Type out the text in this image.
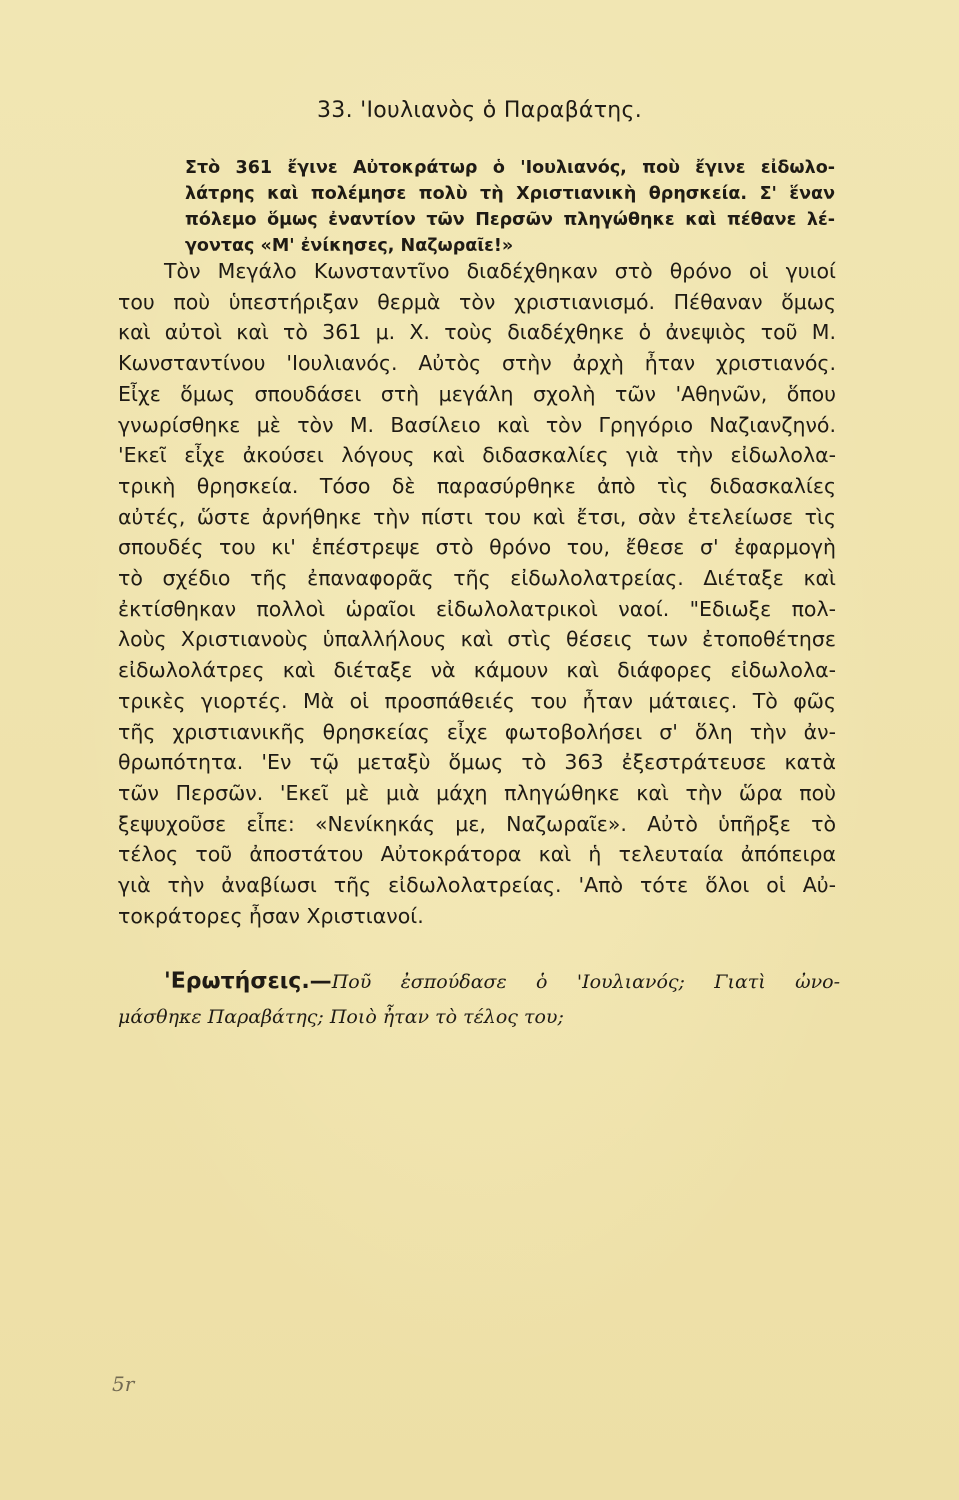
33. 'Ιουλιανὸς ὁ Παραβάτης.
Στὸ 361 ἔγινε Αὐτοκράτωρ ὁ 'Ιουλιανός, ποὺ ἔγινε εἰδωλο-
λάτρης καὶ πολέμησε πολὺ τὴ Χριστιανικὴ θρησκεία. Σ' ἕναν
πόλεμο ὅμως ἐναντίον τῶν Περσῶν πληγώθηκε καὶ πέθανε λέ-
γοντας «Μ' ἐνίκησες, Ναζωραῖε!»
Τὸν Μεγάλο Κωνσταντῖνο διαδέχθηκαν στὸ θρόνο οἱ γυιοί
του ποὺ ὑπεστήριξαν θερμὰ τὸν χριστιανισμό. Πέθαναν ὅμως
καὶ αὐτοὶ καὶ τὸ 361 μ. Χ. τοὺς διαδέχθηκε ὁ ἀνεψιὸς τοῦ Μ.
Κωνσταντίνου 'Ιουλιανός. Αὐτὸς στὴν ἀρχὴ ἦταν χριστιανός.
Εἶχε ὅμως σπουδάσει στὴ μεγάλη σχολὴ τῶν 'Αθηνῶν, ὅπου
γνωρίσθηκε μὲ τὸν Μ. Βασίλειο καὶ τὸν Γρηγόριο Ναζιανζηνό.
'Εκεῖ εἶχε ἀκούσει λόγους καὶ διδασκαλίες γιὰ τὴν εἰδωλολα-
τρικὴ θρησκεία. Τόσο δὲ παρασύρθηκε ἀπὸ τὶς διδασκαλίες
αὐτές, ὥστε ἀρνήθηκε τὴν πίστι του καὶ ἔτσι, σὰν ἐτελείωσε τὶς
σπουδές του κι' ἐπέστρεψε στὸ θρόνο του, ἔθεσε σ' ἐφαρμογὴ
τὸ σχέδιο τῆς ἐπαναφορᾶς τῆς εἰδωλολατρείας. Διέταξε καὶ
ἐκτίσθηκαν πολλοὶ ὡραῖοι εἰδωλολατρικοὶ ναοί. "Εδιωξε πολ-
λοὺς Χριστιανοὺς ὑπαλλήλους καὶ στὶς θέσεις των ἐτοποθέτησε
εἰδωλολάτρες καὶ διέταξε νὰ κάμουν καὶ διάφορες εἰδωλολα-
τρικὲς γιορτές. Μὰ οἱ προσπάθειές του ἦταν μάταιες. Τὸ φῶς
τῆς χριστιανικῆς θρησκείας εἶχε φωτοβολήσει σ' ὅλη τὴν ἀν-
θρωπότητα. 'Εν τῷ μεταξὺ ὅμως τὸ 363 ἐξεστράτευσε κατὰ
τῶν Περσῶν. 'Εκεῖ μὲ μιὰ μάχη πληγώθηκε καὶ τὴν ὥρα ποὺ
ξεψυχοῦσε εἶπε: «Νενίκηκάς με, Ναζωραῖε». Αὐτὸ ὑπῆρξε τὸ
τέλος τοῦ ἀποστάτου Αὐτοκράτορα καὶ ἡ τελευταία ἀπόπειρα
γιὰ τὴν ἀναβίωσι τῆς εἰδωλολατρείας. 'Απὸ τότε ὅλοι οἱ Αὐ-
τοκράτορες ἦσαν Χριστιανοί.
'Ερωτήσεις.—Ποῦ ἐσπούδασε ὁ 'Ιουλιανός; Γιατὶ ὠνο-
μάσθηκε Παραβάτης; Ποιὸ ἦταν τὸ τέλος του;
5r
